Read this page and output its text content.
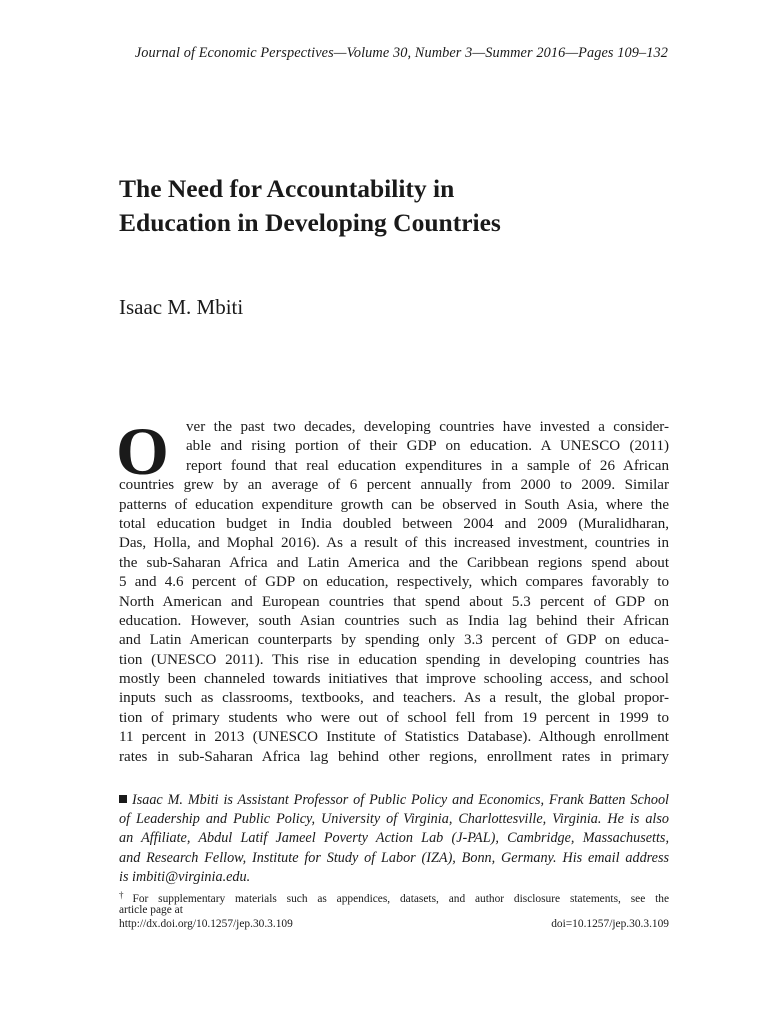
Journal of Economic Perspectives—Volume 30, Number 3—Summer 2016—Pages 109–132
The Need for Accountability in
Education in Developing Countries
Isaac M. Mbiti
O	ver the past two decades, developing countries have invested a consider-
able and rising portion of their GDP on education. A UNESCO (2011)
report found that real education expenditures in a sample of 26 African
countries grew by an average of 6 percent annually from 2000 to 2009. Similar
patterns of education expenditure growth can be observed in South Asia, where the
total education budget in India doubled between 2004 and 2009 (Muralidharan,
Das, Holla, and Mophal 2016). As a result of this increased investment, countries in
the sub-Saharan Africa and Latin America and the Caribbean regions spend about
5 and 4.6 percent of GDP on education, respectively, which compares favorably to
North American and European countries that spend about 5.3 percent of GDP on
education. However, south Asian countries such as India lag behind their African
and Latin American counterparts by spending only 3.3 percent of GDP on educa-
tion (UNESCO 2011). This rise in education spending in developing countries has
mostly been channeled towards initiatives that improve schooling access, and school
inputs such as classrooms, textbooks, and teachers. As a result, the global propor-
tion of primary students who were out of school fell from 19 percent in 1999 to
11 percent in 2013 (UNESCO Institute of Statistics Database). Although enrollment
rates in sub-Saharan Africa lag behind other regions, enrollment rates in primary
Isaac M. Mbiti is Assistant Professor of Public Policy and Economics, Frank Batten School
of Leadership and Public Policy, University of Virginia, Charlottesville, Virginia. He is also
an Affiliate, Abdul Latif Jameel Poverty Action Lab (J-PAL), Cambridge, Massachusetts,
and Research Fellow, Institute for Study of Labor (IZA), Bonn, Germany. His email address
is imbiti@virginia.edu.
† For supplementary materials such as appendices, datasets, and author disclosure statements, see the
article page at
http://dx.doi.org/10.1257/jep.30.3.109	doi=10.1257/jep.30.3.109
